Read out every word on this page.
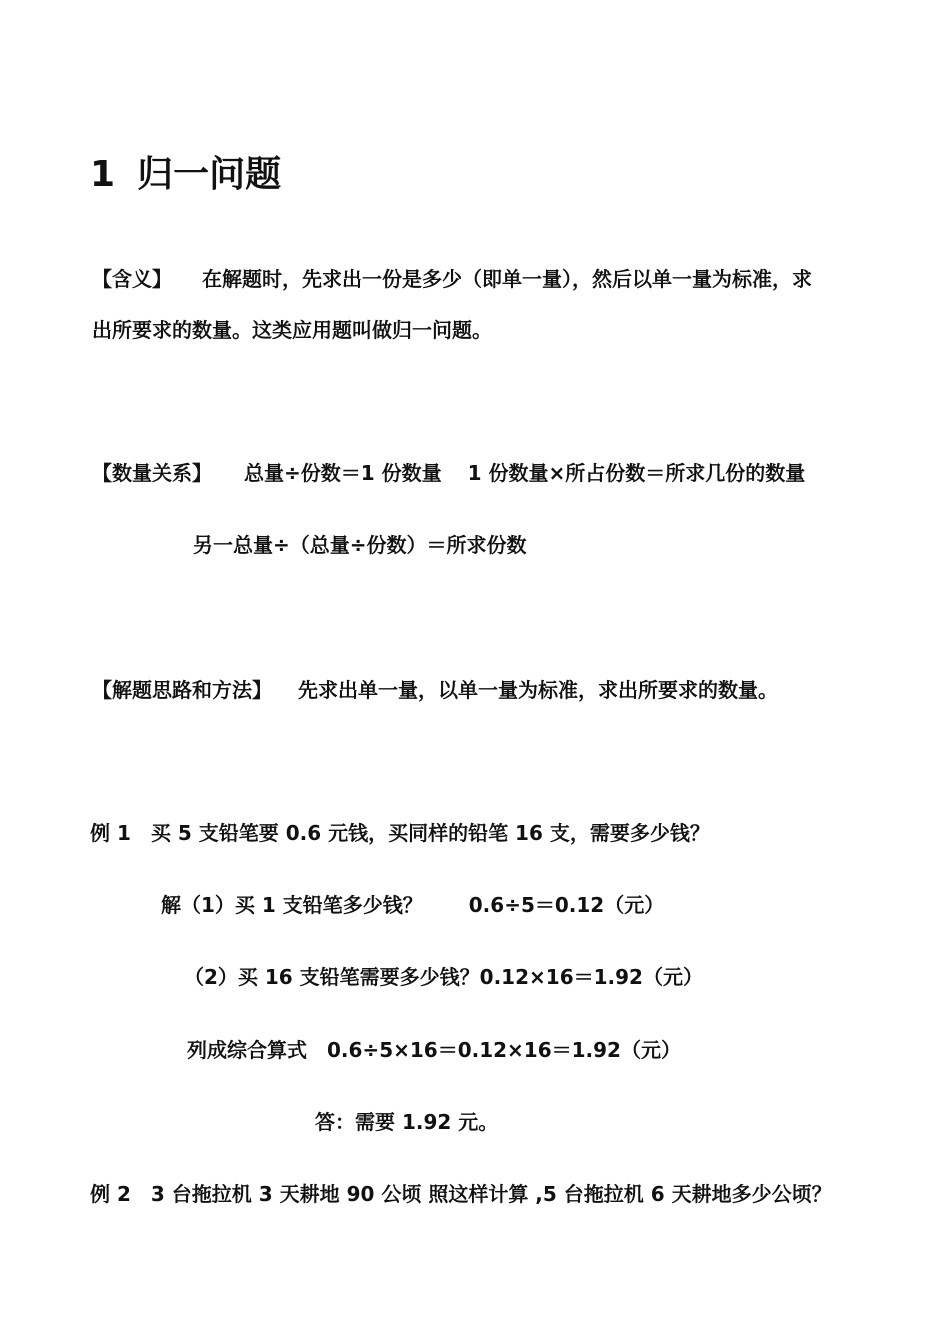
1 归一问题
【含义】 在解题时，先求出一份是多少（即单一量），然后以单一量为标准，求
出所要求的数量。这类应用题叫做归一问题。
【数量关系】 总量÷份数＝1 份数量 1 份数量×所占份数＝所求几份的数量
另一总量÷（总量÷份数）＝所求份数
【解题思路和方法】 先求出单一量，以单一量为标准，求出所要求的数量。
例 1 买 5 支铅笔要 0.6 元钱，买同样的铅笔 16 支，需要多少钱？
解（1）买 1 支铅笔多少钱？ 0.6÷5＝0.12（元）
（2）买 16 支铅笔需要多少钱？0.12×16＝1.92（元）
列成综合算式 0.6÷5×16＝0.12×16＝1.92（元）
答：需要 1.92 元。
例 2 3 台拖拉机 3 天耕地 90 公顷 照这样计算 ,5 台拖拉机 6 天耕地多少公顷？
